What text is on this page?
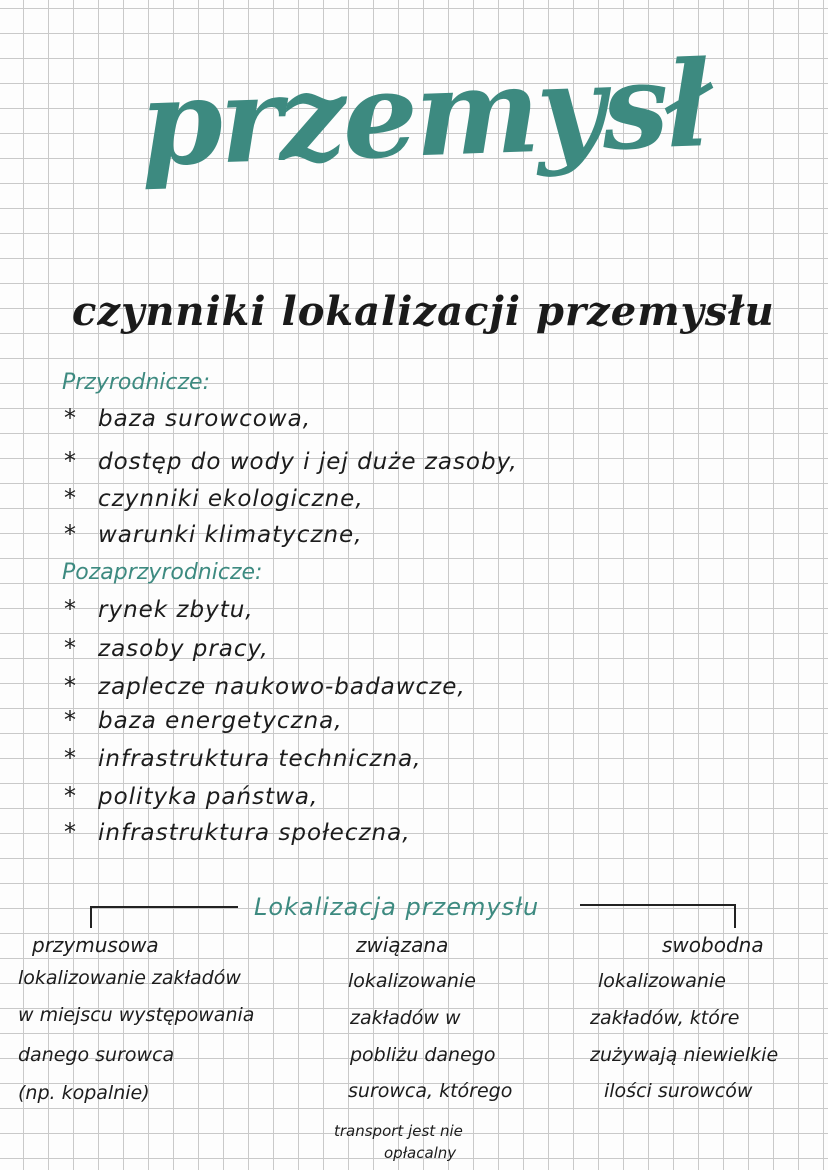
przemysł
czynniki lokalizacji przemysłu
Przyrodnicze:
* baza surowcowa,
* dostęp do wody i jej duże zasoby,
* czynniki ekologiczne,
* warunki klimatyczne,
Pozaprzyrodnicze:
* rynek zbytu,
* zasoby pracy,
* zaplecze naukowo-badawcze,
* baza energetyczna,
* infrastruktura techniczna,
* polityka państwa,
* infrastruktura społeczna,
Lokalizacja przemysłu
przymusowa
lokalizowanie zakładów
w miejscu występowania
danego surowca
(np. kopalnie)
związana
lokalizowanie
zakładów w
pobliżu danego
surowca, którego
transport jest nie
opłacalny
swobodna
lokalizowanie
zakładów, które
zużywają niewielkie
ilości surowców
